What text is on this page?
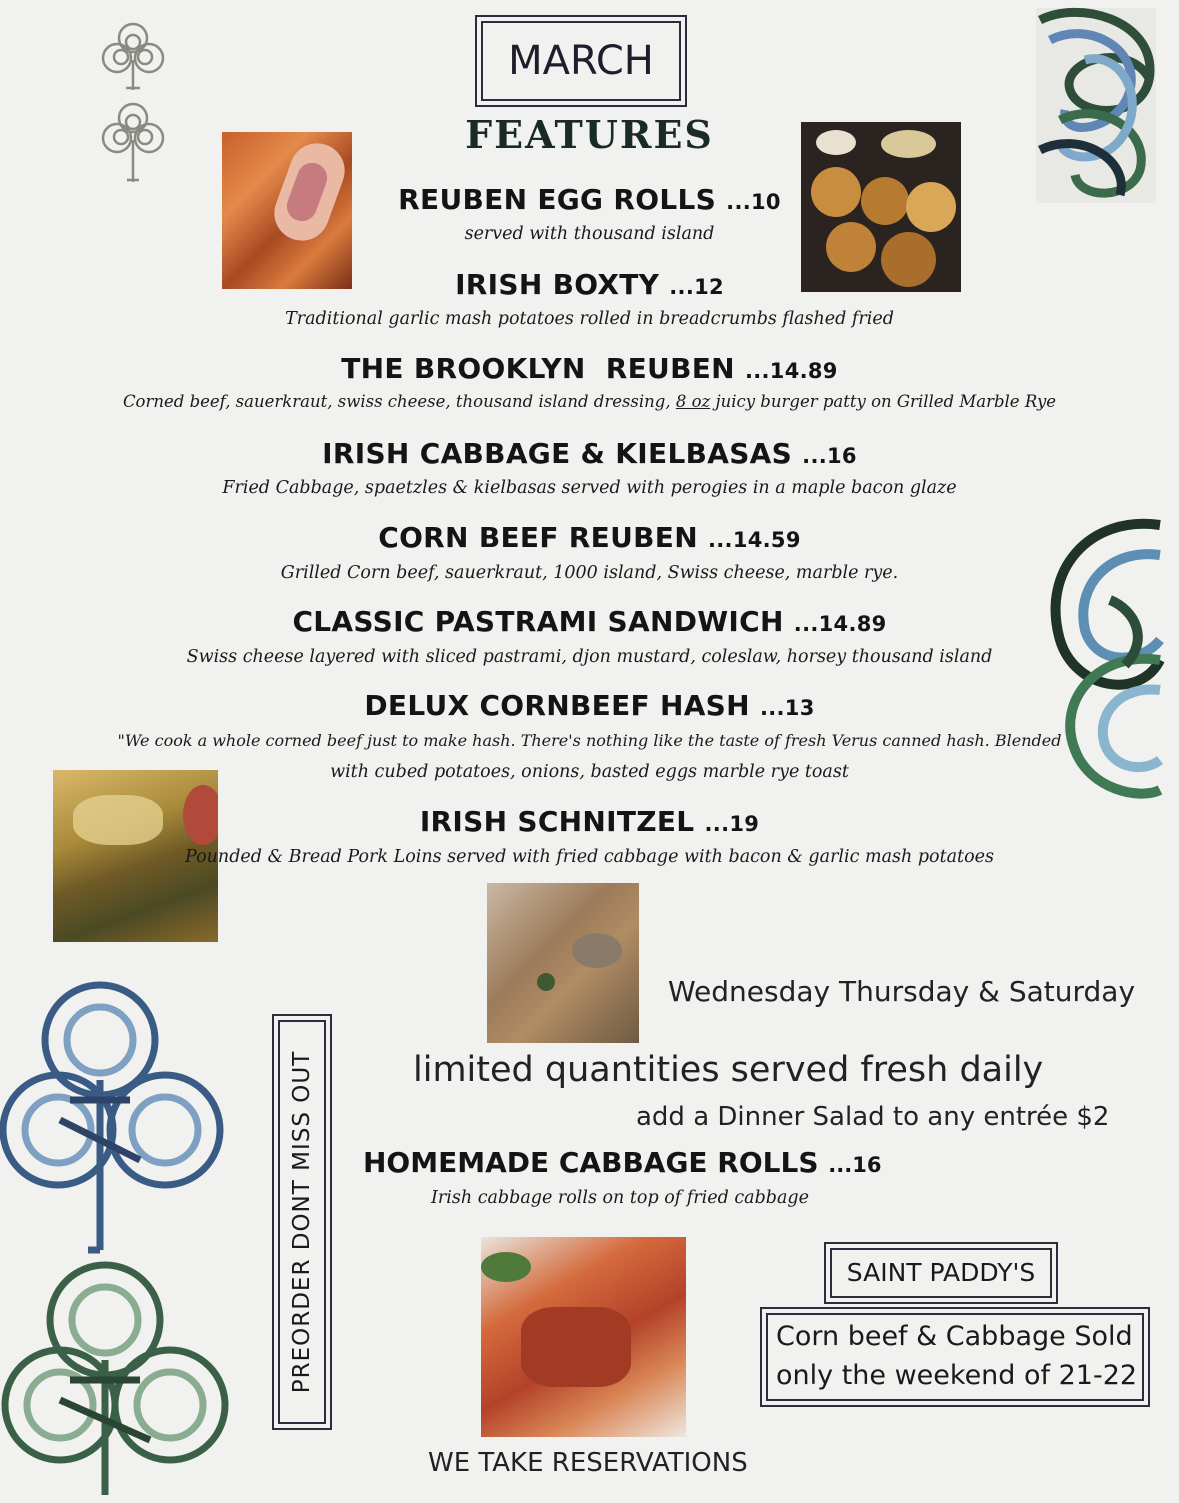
MARCH
FEATURES
REUBEN EGG ROLLS ...10
served with thousand island
IRISH BOXTY ...12
Traditional garlic mash potatoes rolled in breadcrumbs flashed fried
THE BROOKLYN  REUBEN ...14.89
Corned beef, sauerkraut, swiss cheese, thousand island dressing, 8 oz juicy burger patty on Grilled Marble Rye
IRISH CABBAGE & KIELBASAS ...16
Fried Cabbage, spaetzles & kielbasas served with perogies in a maple bacon glaze
CORN BEEF REUBEN ...14.59
Grilled Corn beef, sauerkraut, 1000 island, Swiss cheese, marble rye.
CLASSIC PASTRAMI SANDWICH ...14.89
Swiss cheese layered with sliced pastrami, djon mustard, coleslaw, horsey thousand island
DELUX CORNBEEF HASH ...13
"We cook a whole corned beef just to make hash. There's nothing like the taste of fresh Verus canned hash. Blended
with cubed potatoes, onions, basted eggs marble rye toast
IRISH SCHNITZEL ...19
Pounded & Bread Pork Loins served with fried cabbage with bacon & garlic mash potatoes
Wednesday Thursday & Saturday
limited quantities served fresh daily
add a Dinner Salad to any entrée $2
PREORDER DONT MISS OUT HOMEMADE CABBAGE ROLLS ...16
Irish cabbage rolls on top of fried cabbage
SAINT PADDY'S
Corn beef & Cabbage Sold
only the weekend of 21-22
WE TAKE RESERVATIONS
